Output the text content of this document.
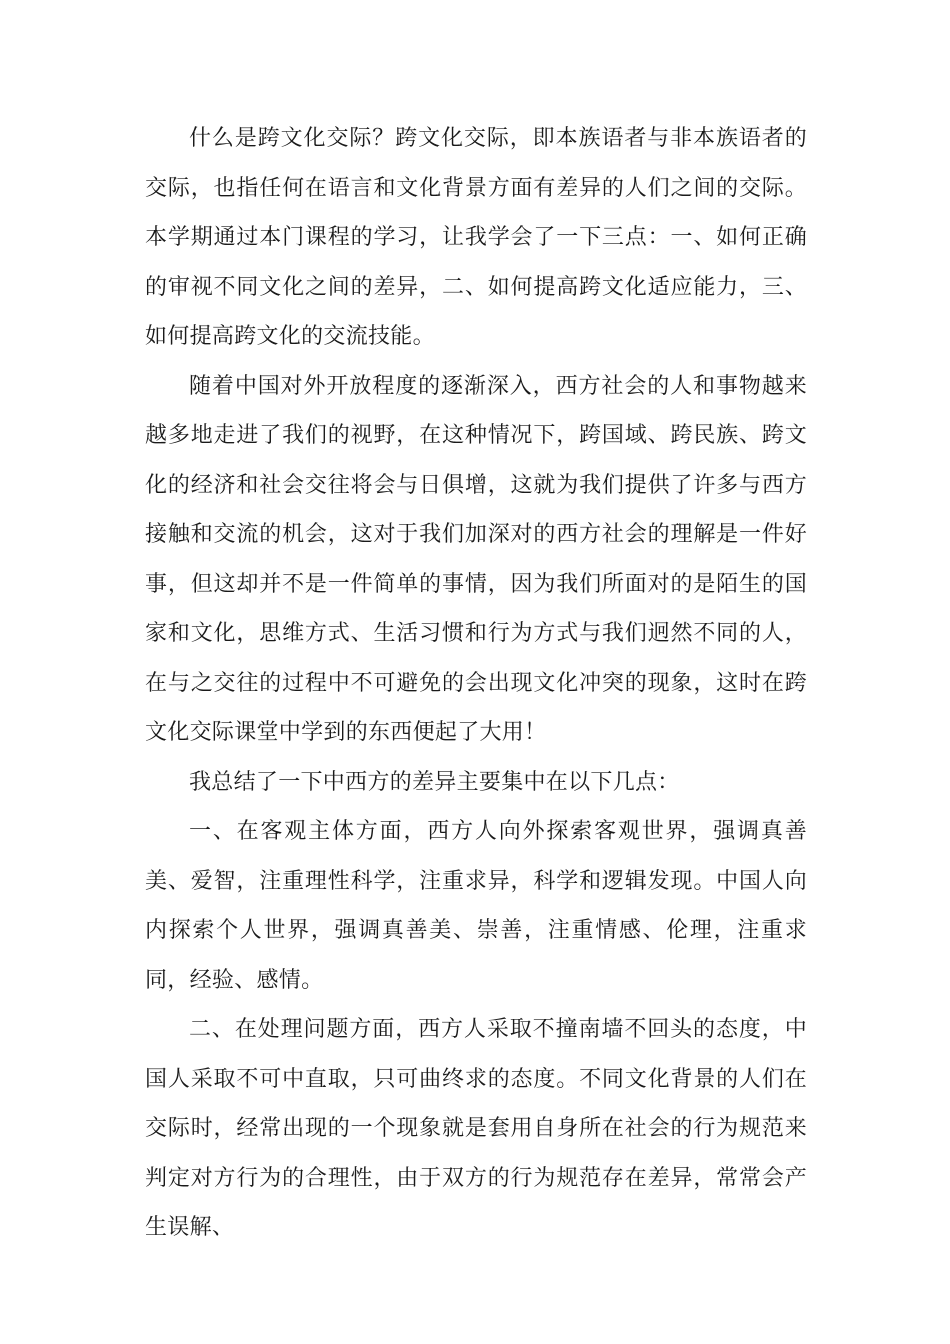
什么是跨文化交际？跨文化交际，即本族语者与非本族语者的交际，也指任何在语言和文化背景方面有差异的人们之间的交际。本学期通过本门课程的学习，让我学会了一下三点：一、如何正确的审视不同文化之间的差异，二、如何提高跨文化适应能力，三、如何提高跨文化的交流技能。

随着中国对外开放程度的逐渐深入，西方社会的人和事物越来越多地走进了我们的视野，在这种情况下，跨国域、跨民族、跨文化的经济和社会交往将会与日俱增，这就为我们提供了许多与西方接触和交流的机会，这对于我们加深对的西方社会的理解是一件好事，但这却并不是一件简单的事情，因为我们所面对的是陌生的国家和文化，思维方式、生活习惯和行为方式与我们迥然不同的人，在与之交往的过程中不可避免的会出现文化冲突的现象，这时在跨文化交际课堂中学到的东西便起了大用！

我总结了一下中西方的差异主要集中在以下几点：

一、在客观主体方面，西方人向外探索客观世界，强调真善美、爱智，注重理性科学，注重求异，科学和逻辑发现。中国人向内探索个人世界，强调真善美、崇善，注重情感、伦理，注重求同，经验、感情。

二、在处理问题方面，西方人采取不撞南墙不回头的态度，中国人采取不可中直取，只可曲终求的态度。不同文化背景的人们在交际时，经常出现的一个现象就是套用自身所在社会的行为规范来判定对方行为的合理性，由于双方的行为规范存在差异，常常会产生误解、
